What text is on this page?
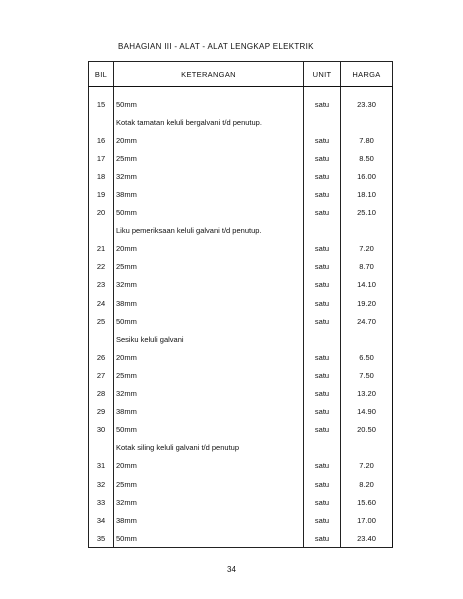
BAHAGIAN III - ALAT - ALAT LENGKAP ELEKTRIK
BIL	KETERANGAN	UNIT	HARGA

15	50mm	satu	23.30
	Kotak tamatan keluli bergalvani t/d penutup.		
16	20mm	satu	7.80
17	25mm	satu	8.50
18	32mm	satu	16.00
19	38mm	satu	18.10
20	50mm	satu	25.10
	Liku pemeriksaan keluli galvani t/d penutup.		
21	20mm	satu	7.20
22	25mm	satu	8.70
23	32mm	satu	14.10
24	38mm	satu	19.20
25	50mm	satu	24.70
	Sesiku keluli galvani		
26	20mm	satu	6.50
27	25mm	satu	7.50
28	32mm	satu	13.20
29	38mm	satu	14.90
30	50mm	satu	20.50
	Kotak siling keluli galvani t/d penutup		
31	20mm	satu	7.20
32	25mm	satu	8.20
33	32mm	satu	15.60
34	38mm	satu	17.00
35	50mm	satu	23.40
34
